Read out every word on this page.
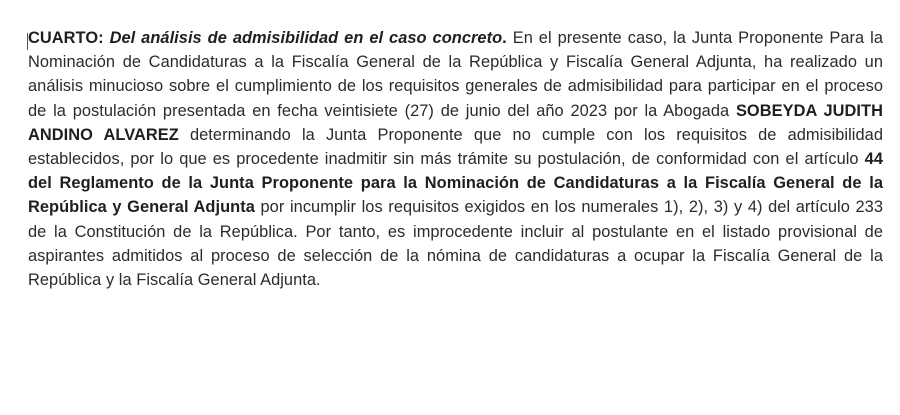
CUARTO: Del análisis de admisibilidad en el caso concreto. En el presente caso, la Junta Proponente Para la Nominación de Candidaturas a la Fiscalía General de la República y Fiscalía General Adjunta, ha realizado un análisis minucioso sobre el cumplimiento de los requisitos generales de admisibilidad para participar en el proceso de la postulación presentada en fecha veintisiete (27) de junio del año 2023 por la Abogada SOBEYDA JUDITH ANDINO ALVAREZ determinando la Junta Proponente que no cumple con los requisitos de admisibilidad establecidos, por lo que es procedente inadmitir sin más trámite su postulación, de conformidad con el artículo 44 del Reglamento de la Junta Proponente para la Nominación de Candidaturas a la Fiscalía General de la República y General Adjunta por incumplir los requisitos exigidos en los numerales 1), 2), 3) y 4) del artículo 233 de la Constitución de la República. Por tanto, es improcedente incluir al postulante en el listado provisional de aspirantes admitidos al proceso de selección de la nómina de candidaturas a ocupar la Fiscalía General de la República y la Fiscalía General Adjunta.
